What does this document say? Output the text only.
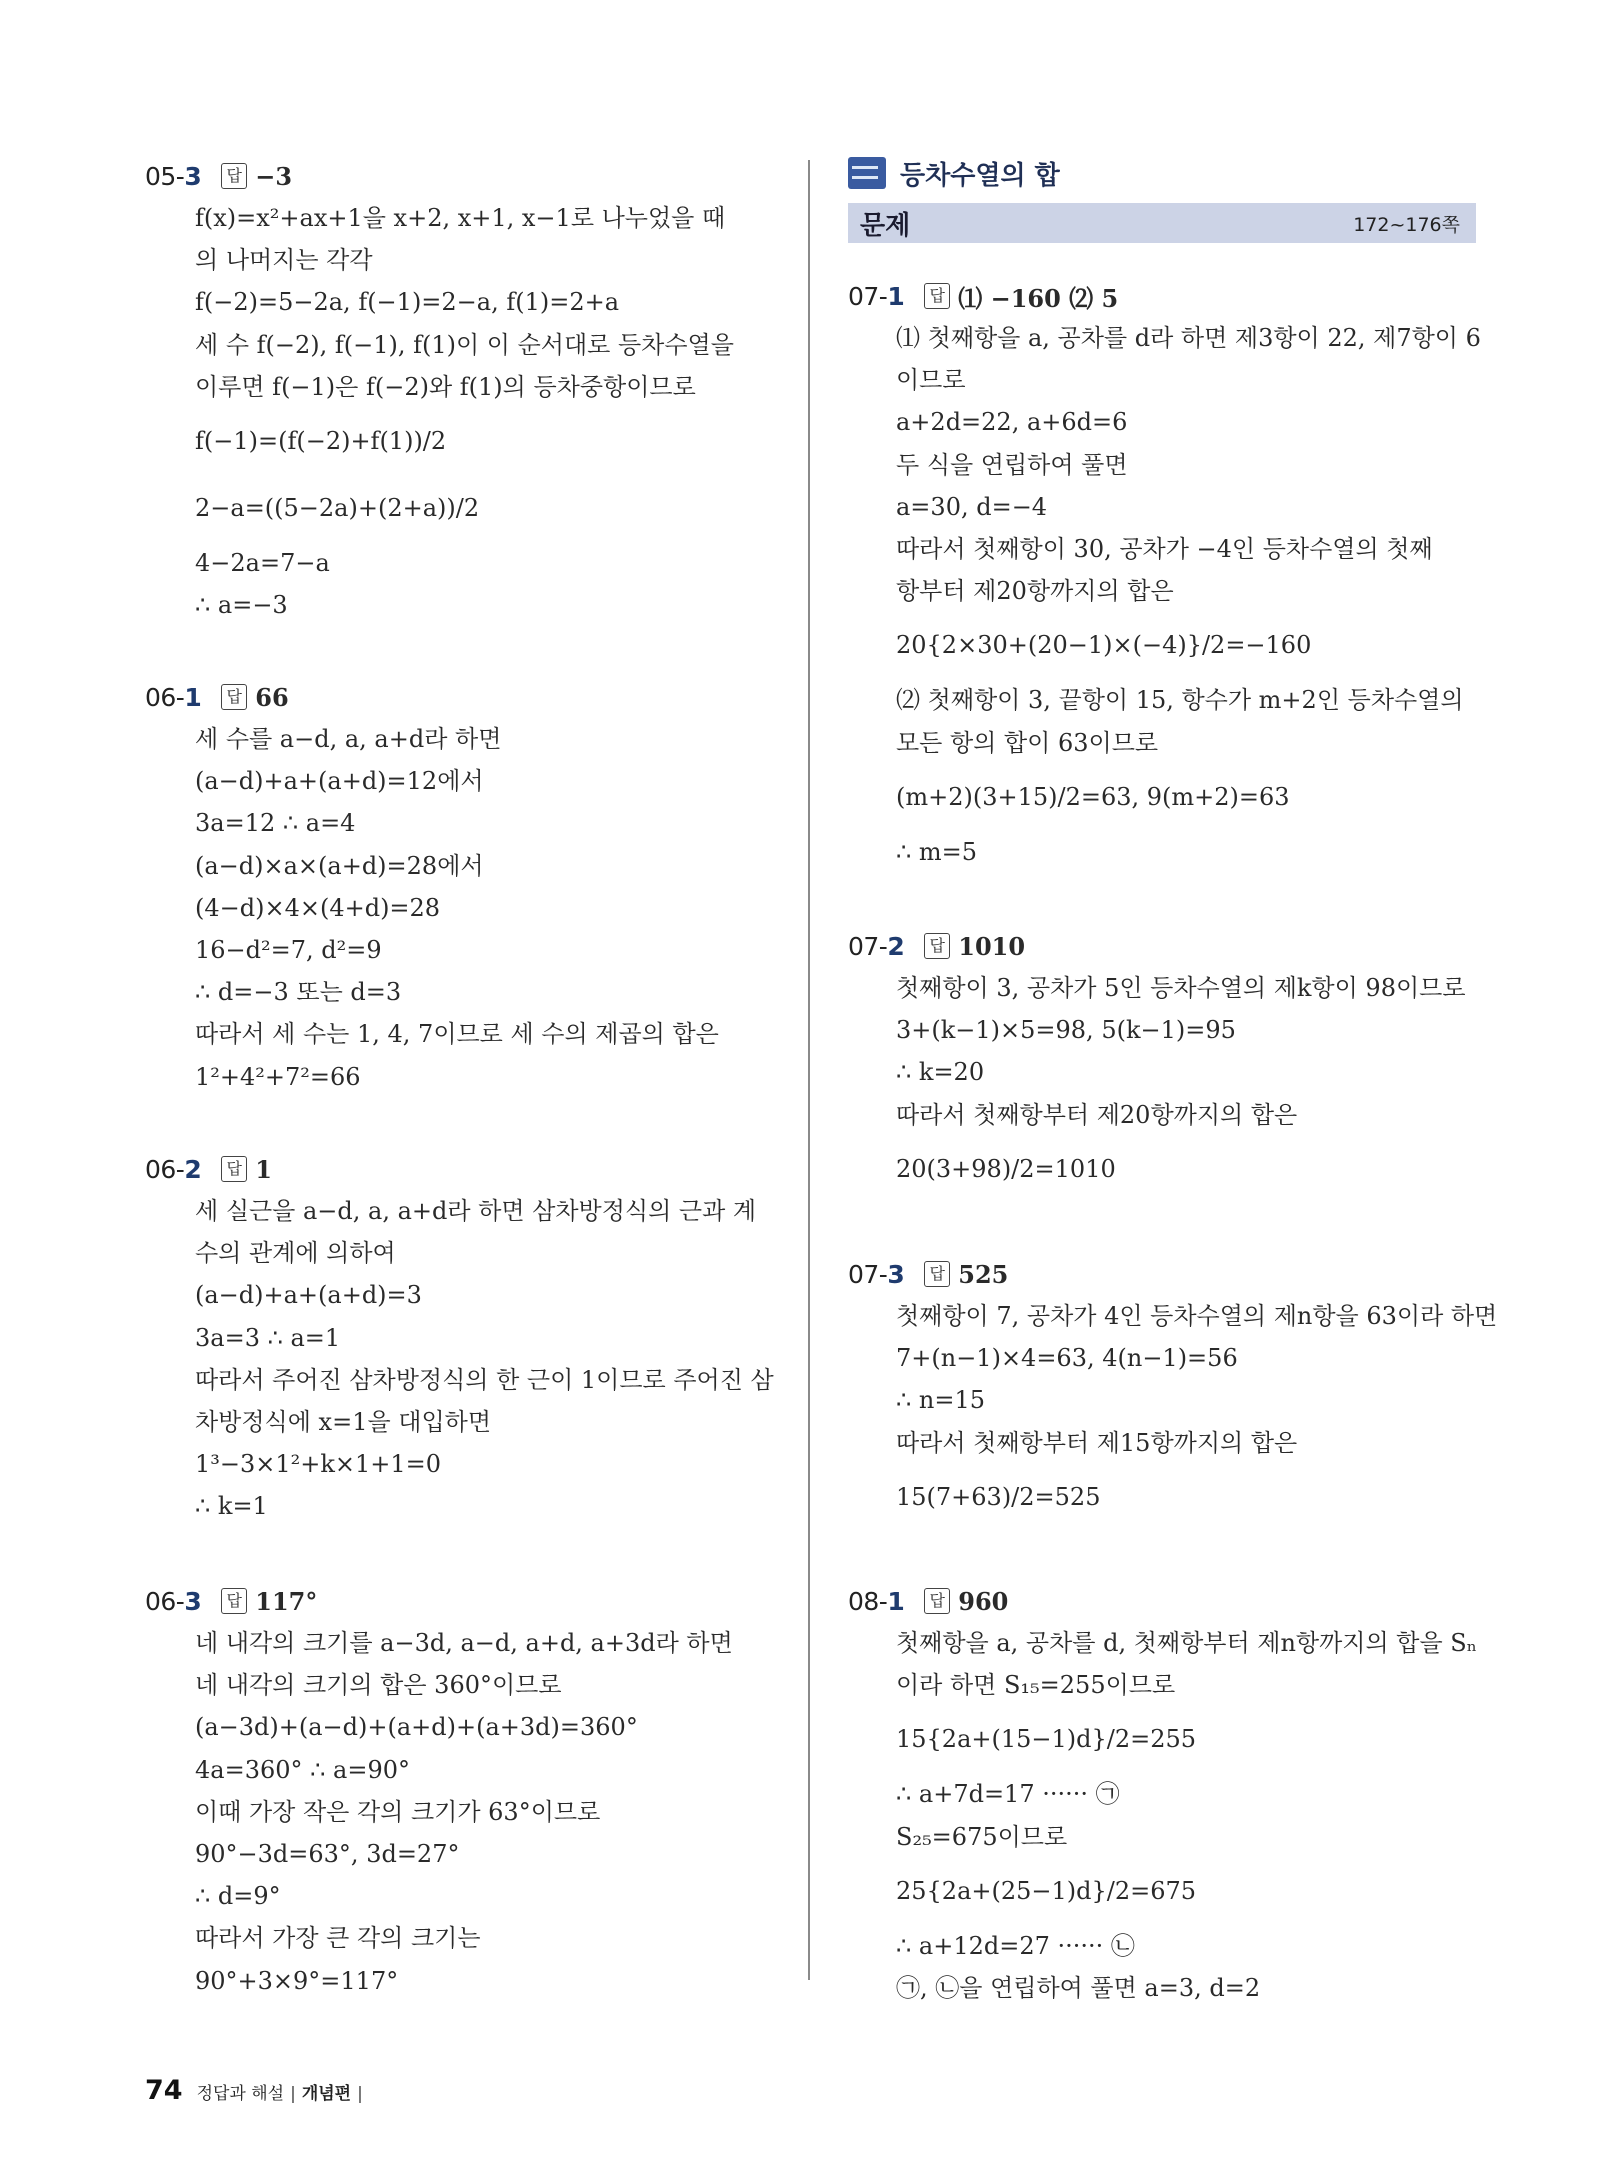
05-3	답 −3
f(x)=x²+ax+1을 x+2, x+1, x−1로 나누었을 때
의 나머지는 각각
f(−2)=5−2a, f(−1)=2−a, f(1)=2+a
세 수 f(−2), f(−1), f(1)이 이 순서대로 등차수열을
이루면 f(−1)은 f(−2)와 f(1)의 등차중항이므로
f(−1)=(f(−2)+f(1))/2
2−a=((5−2a)+(2+a))/2
4−2a=7−a
∴ a=−3
06-1	답 66
세 수를 a−d, a, a+d라 하면
(a−d)+a+(a+d)=12에서
3a=12 ∴ a=4
(a−d)×a×(a+d)=28에서
(4−d)×4×(4+d)=28
16−d²=7, d²=9
∴ d=−3 또는 d=3
따라서 세 수는 1, 4, 7이므로 세 수의 제곱의 합은
1²+4²+7²=66
06-2	답 1
세 실근을 a−d, a, a+d라 하면 삼차방정식의 근과 계
수의 관계에 의하여
(a−d)+a+(a+d)=3
3a=3 ∴ a=1
따라서 주어진 삼차방정식의 한 근이 1이므로 주어진 삼
차방정식에 x=1을 대입하면
1³−3×1²+k×1+1=0
∴ k=1
06-3	답 117°
네 내각의 크기를 a−3d, a−d, a+d, a+3d라 하면
네 내각의 크기의 합은 360°이므로
(a−3d)+(a−d)+(a+d)+(a+3d)=360°
4a=360° ∴ a=90°
이때 가장 작은 각의 크기가 63°이므로
90°−3d=63°, 3d=27°
∴ d=9°
따라서 가장 큰 각의 크기는
90°+3×9°=117°
등차수열의 합
문제	172~176쪽
07-1	답 ⑴ −160 ⑵ 5
⑴ 첫째항을 a, 공차를 d라 하면 제3항이 22, 제7항이 6
이므로
a+2d=22, a+6d=6
두 식을 연립하여 풀면
a=30, d=−4
따라서 첫째항이 30, 공차가 −4인 등차수열의 첫째
항부터 제20항까지의 합은
20{2×30+(20−1)×(−4)}/2=−160
⑵ 첫째항이 3, 끝항이 15, 항수가 m+2인 등차수열의
모든 항의 합이 63이므로
(m+2)(3+15)/2=63, 9(m+2)=63
∴ m=5
07-2	답 1010
첫째항이 3, 공차가 5인 등차수열의 제k항이 98이므로
3+(k−1)×5=98, 5(k−1)=95
∴ k=20
따라서 첫째항부터 제20항까지의 합은
20(3+98)/2=1010
07-3	답 525
첫째항이 7, 공차가 4인 등차수열의 제n항을 63이라 하면
7+(n−1)×4=63, 4(n−1)=56
∴ n=15
따라서 첫째항부터 제15항까지의 합은
15(7+63)/2=525
08-1	답 960
첫째항을 a, 공차를 d, 첫째항부터 제n항까지의 합을 Sₙ
이라 하면 S₁₅=255이므로
15{2a+(15−1)d}/2=255
∴ a+7d=17 ······ ㉠
S₂₅=675이므로
25{2a+(25−1)d}/2=675
∴ a+12d=27 ······ ㉡
㉠, ㉡을 연립하여 풀면 a=3, d=2
74 정답과 해설 | 개념편 |
